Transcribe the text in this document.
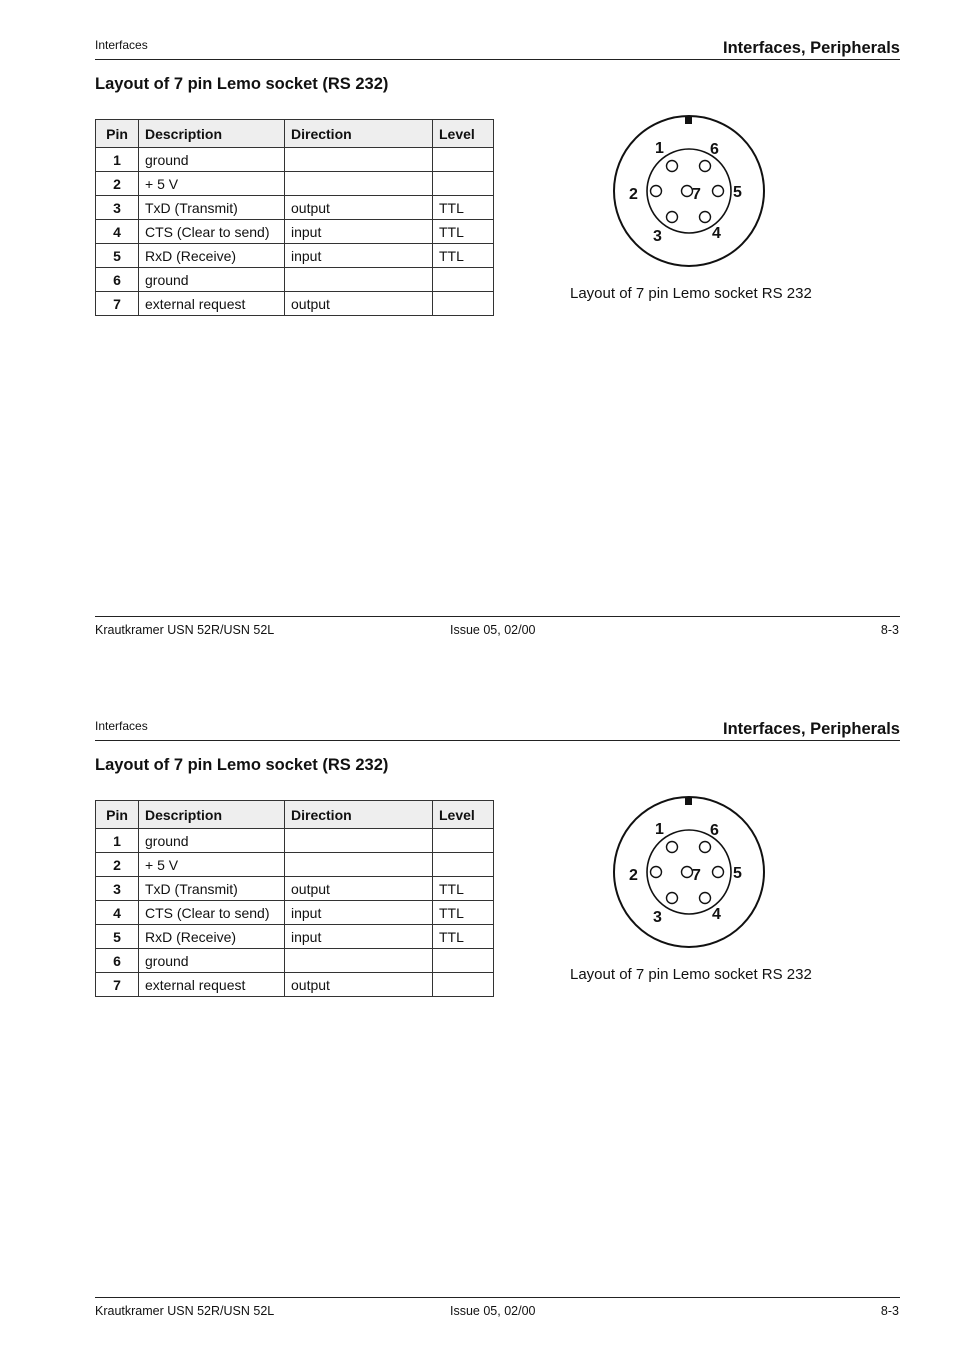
Interfaces	Interfaces, Peripherals
Layout of 7 pin Lemo socket (RS 232)
Pin	Description	Direction	Level
1	ground		
2	+ 5 V		
3	TxD (Transmit)	output	TTL
4	CTS (Clear to send)	input	TTL
5	RxD (Receive)	input	TTL
6	ground		
7	external request	output	
1
2
3	4
5
6
7
Layout of 7 pin Lemo socket RS 232
Krautkramer USN 52R/USN 52L	Issue 05, 02/00	8-3
Interfaces	Interfaces, Peripherals
Layout of 7 pin Lemo socket (RS 232)
Pin	Description	Direction	Level
1	ground		
2	+ 5 V		
3	TxD (Transmit)	output	TTL
4	CTS (Clear to send)	input	TTL
5	RxD (Receive)	input	TTL
6	ground		
7	external request	output	
1
2
3	4
5
6
7
Layout of 7 pin Lemo socket RS 232
Krautkramer USN 52R/USN 52L	Issue 05, 02/00	8-3
